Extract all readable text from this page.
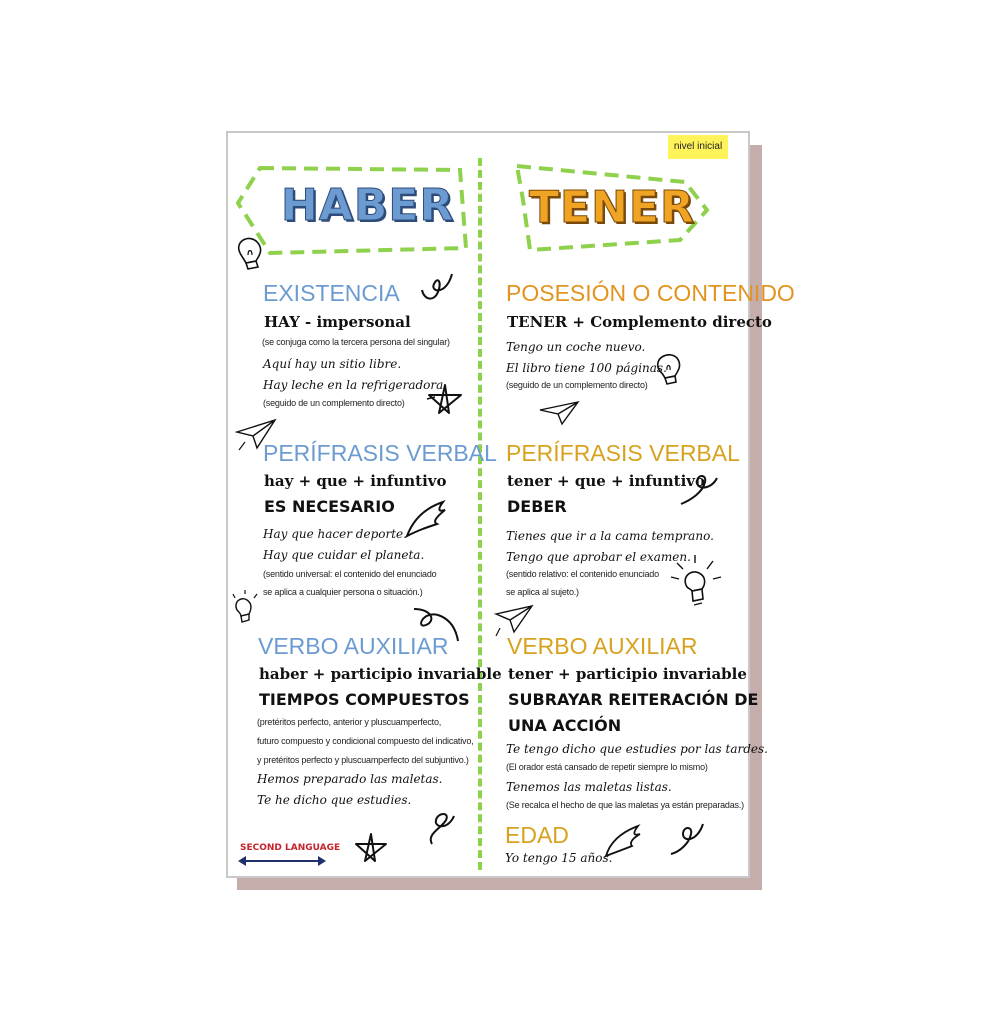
nivel inicial
HABER TENER
EXISTENCIA
HAY - impersonal
(se conjuga como la tercera persona del singular)
Aquí hay un sitio libre.
Hay leche en la refrigeradora.
(seguido de un complemento directo)
PERÍFRASIS VERBAL
hay + que + infuntivo
ES NECESARIO
Hay que hacer deporte.
Hay que cuidar el planeta.
(sentido universal: el contenido del enunciado
se aplica a cualquier persona o situación.)
VERBO AUXILIAR
haber + participio invariable
TIEMPOS COMPUESTOS
(pretéritos perfecto, anterior y pluscuamperfecto,
futuro compuesto y condicional compuesto del indicativo,
y pretéritos perfecto y pluscuamperfecto del subjuntivo.)
Hemos preparado las maletas.
Te he dicho que estudies.
POSESIÓN O CONTENIDO
TENER + Complemento directo
Tengo un coche nuevo.
El libro tiene 100 páginas.
(seguido de un complemento directo)
PERÍFRASIS VERBAL
tener + que + infuntivo
DEBER
Tienes que ir a la cama temprano.
Tengo que aprobar el examen.
(sentido relativo: el contenido enunciado
se aplica al sujeto.)
VERBO AUXILIAR
tener + participio invariable
SUBRAYAR REITERACIÓN DE
UNA ACCIÓN
Te tengo dicho que estudies por las tardes.
(El orador está cansado de repetir siempre lo mismo)
Tenemos las maletas listas.
(Se recalca el hecho de que las maletas ya están preparadas.)
EDAD
Yo tengo 15 años.
SECOND LANGUAGE
